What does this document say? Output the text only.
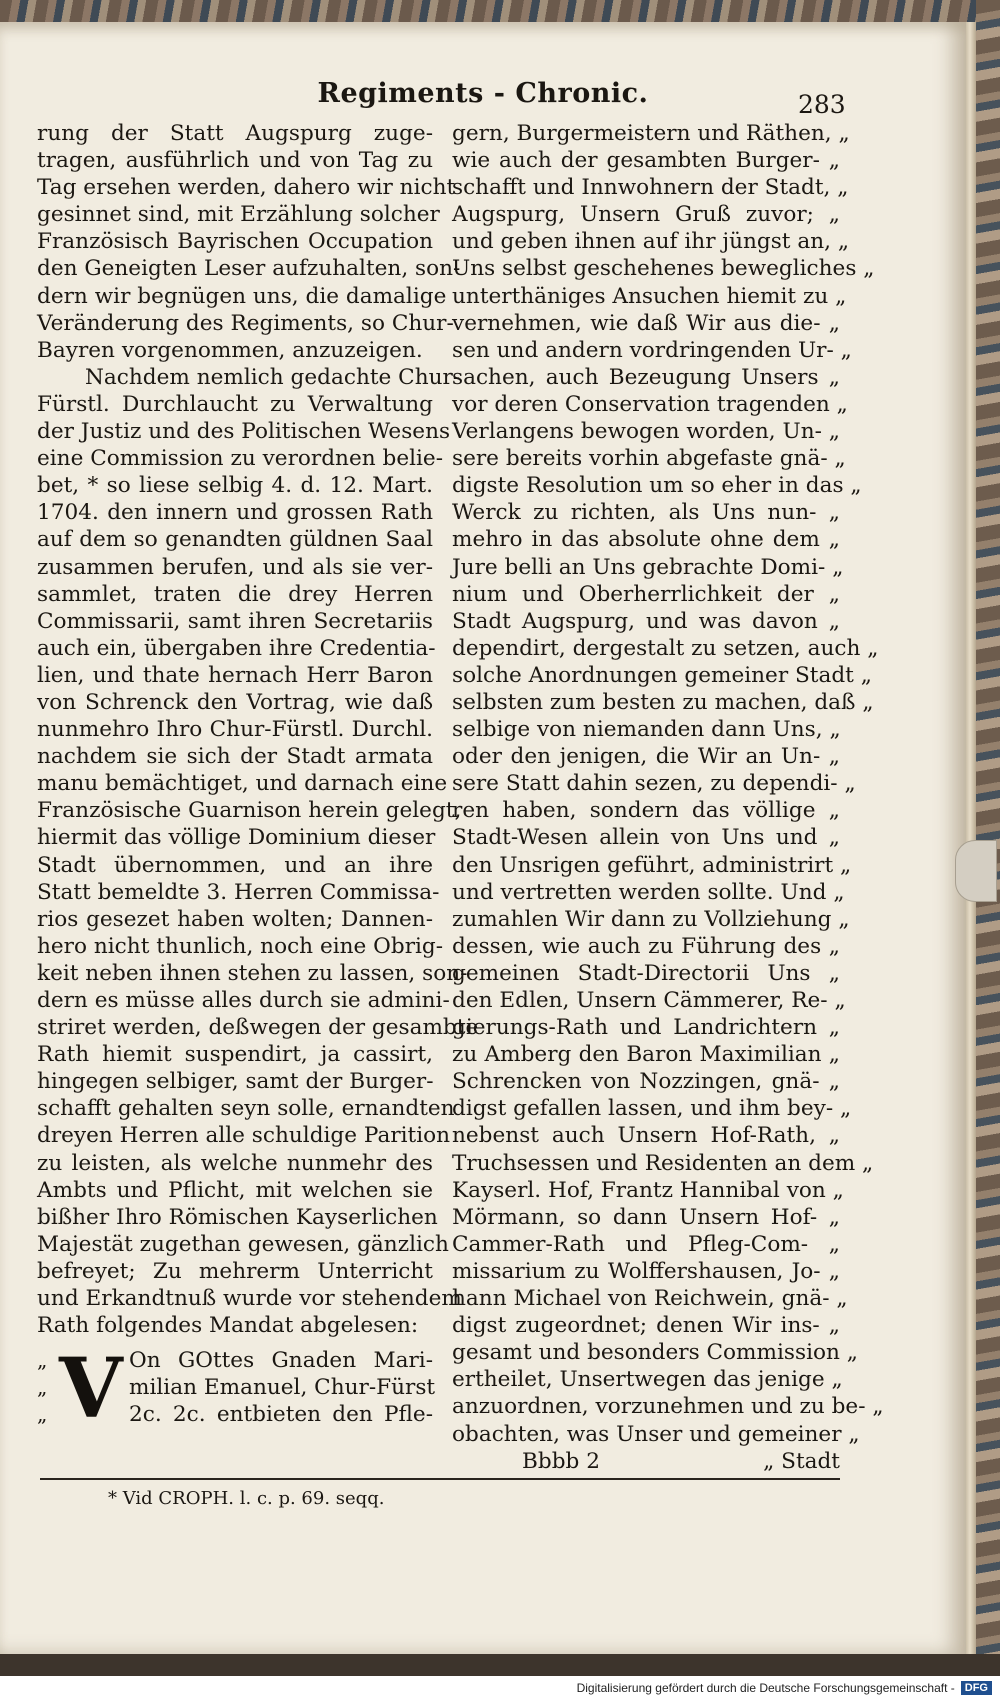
Regiments - Chronic.	283
rung der Statt Augspurg zuge-
tragen, ausführlich und von Tag zu
Tag ersehen werden, dahero wir nicht
gesinnet sind, mit Erzählung solcher
Französisch Bayrischen Occupation
den Geneigten Leser aufzuhalten, son-
dern wir begnügen uns, die damalige
Veränderung des Regiments, so Chur-
Bayren vorgenommen, anzuzeigen.
Nachdem nemlich gedachte Chur-
Fürstl. Durchlaucht zu Verwaltung
der Justiz und des Politischen Wesens
eine Commission zu verordnen belie-
bet, * so liese selbig 4. d. 12. Mart.
1704. den innern und grossen Rath
auf dem so genandten güldnen Saal
zusammen berufen, und als sie ver-
sammlet, traten die drey Herren
Commissarii, samt ihren Secretariis
auch ein, übergaben ihre Credentia-
lien, und thate hernach Herr Baron
von Schrenck den Vortrag, wie daß
nunmehro Ihro Chur-Fürstl. Durchl.
nachdem sie sich der Stadt armata
manu bemächtiget, und darnach eine
Französische Guarnison herein gelegt,
hiermit das völlige Dominium dieser
Stadt übernommen, und an ihre
Statt bemeldte 3. Herren Commissa-
rios gesezet haben wolten; Dannen-
hero nicht thunlich, noch eine Obrig-
keit neben ihnen stehen zu lassen, son-
dern es müsse alles durch sie admini-
striret werden, deßwegen der gesambte
Rath hiemit suspendirt, ja cassirt,
hingegen selbiger, samt der Burger-
schafft gehalten seyn solle, ernandten
dreyen Herren alle schuldige Parition
zu leisten, als welche nunmehr des
Ambts und Pflicht, mit welchen sie
bißher Ihro Römischen Kayserlichen
Majestät zugethan gewesen, gänzlich
befreyet; Zu mehrerm Unterricht
und Erkandtnuß wurde vor stehendem
Rath folgendes Mandat abgelesen:
V
„	On GOttes Gnaden Mari-
„	milian Emanuel, Chur-Fürst
„	2c. 2c. entbieten den Pfle-
gern, Burgermeistern und Räthen, „
wie auch der gesambten Burger- „
schafft und Innwohnern der Stadt, „
Augspurg, Unsern Gruß zuvor; „
und geben ihnen auf ihr jüngst an, „
Uns selbst geschehenes bewegliches „
unterthäniges Ansuchen hiemit zu „
vernehmen, wie daß Wir aus die- „
sen und andern vordringenden Ur- „
sachen, auch Bezeugung Unsers „
vor deren Conservation tragenden „
Verlangens bewogen worden, Un- „
sere bereits vorhin abgefaste gnä- „
digste Resolution um so eher in das „
Werck zu richten, als Uns nun- „
mehro in das absolute ohne dem „
Jure belli an Uns gebrachte Domi- „
nium und Oberherrlichkeit der „
Stadt Augspurg, und was davon „
dependirt, dergestalt zu setzen, auch „
solche Anordnungen gemeiner Stadt „
selbsten zum besten zu machen, daß „
selbige von niemanden dann Uns, „
oder den jenigen, die Wir an Un- „
sere Statt dahin sezen, zu dependi- „
ren haben, sondern das völlige „
Stadt-Wesen allein von Uns und „
den Unsrigen geführt, administrirt „
und vertretten werden sollte. Und „
zumahlen Wir dann zu Vollziehung „
dessen, wie auch zu Führung des „
gemeinen Stadt-Directorii Uns „
den Edlen, Unsern Cämmerer, Re- „
gierungs-Rath und Landrichtern „
zu Amberg den Baron Maximilian „
Schrencken von Nozzingen, gnä- „
digst gefallen lassen, und ihm bey- „
nebenst auch Unsern Hof-Rath, „
Truchsessen und Residenten an dem „
Kayserl. Hof, Frantz Hannibal von „
Mörmann, so dann Unsern Hof- „
Cammer-Rath und Pfleg-Com- „
missarium zu Wolffershausen, Jo- „
hann Michael von Reichwein, gnä- „
digst zugeordnet; denen Wir ins- „
gesamt und besonders Commission „
ertheilet, Unsertwegen das jenige „
anzuordnen, vorzunehmen und zu be- „
obachten, was Unser und gemeiner „
Bbbb 2	„ Stadt
* Vid CROPH. l. c. p. 69. seqq.
Digitalisierung gefördert durch die Deutsche Forschungsgemeinschaft - DFG
